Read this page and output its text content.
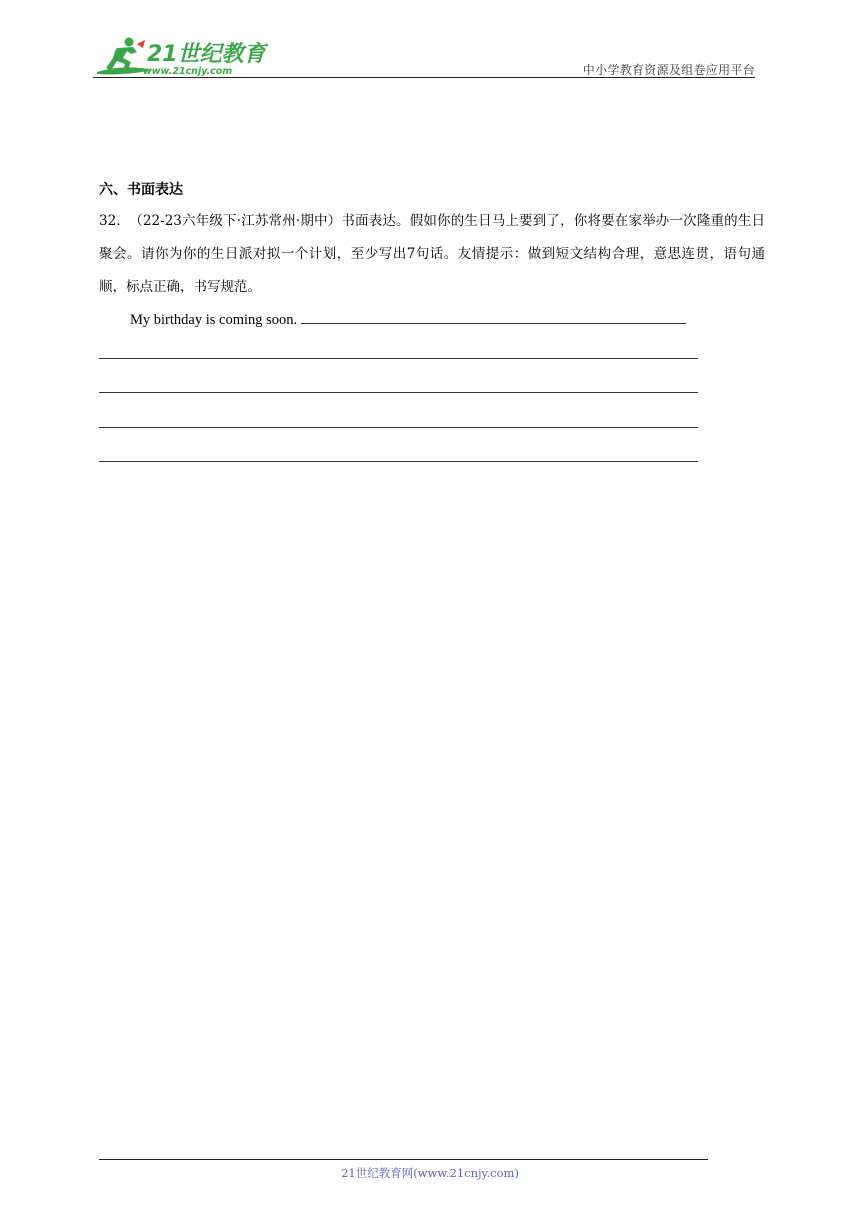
21世纪教育
www.21cnjy.com	中小学教育资源及组卷应用平台
六、书面表达
32． （22-23六年级下·江苏常州·期中）书面表达。假如你的生日马上要到了，你将要在家举办一次隆重的生日聚会。请你为你的生日派对拟一个计划，至少写出7句话。友情提示：做到短文结构合理，意思连贯，语句通顺，标点正确，书写规范。
My birthday is coming soon.
21世纪教育网(www.21cnjy.com)
